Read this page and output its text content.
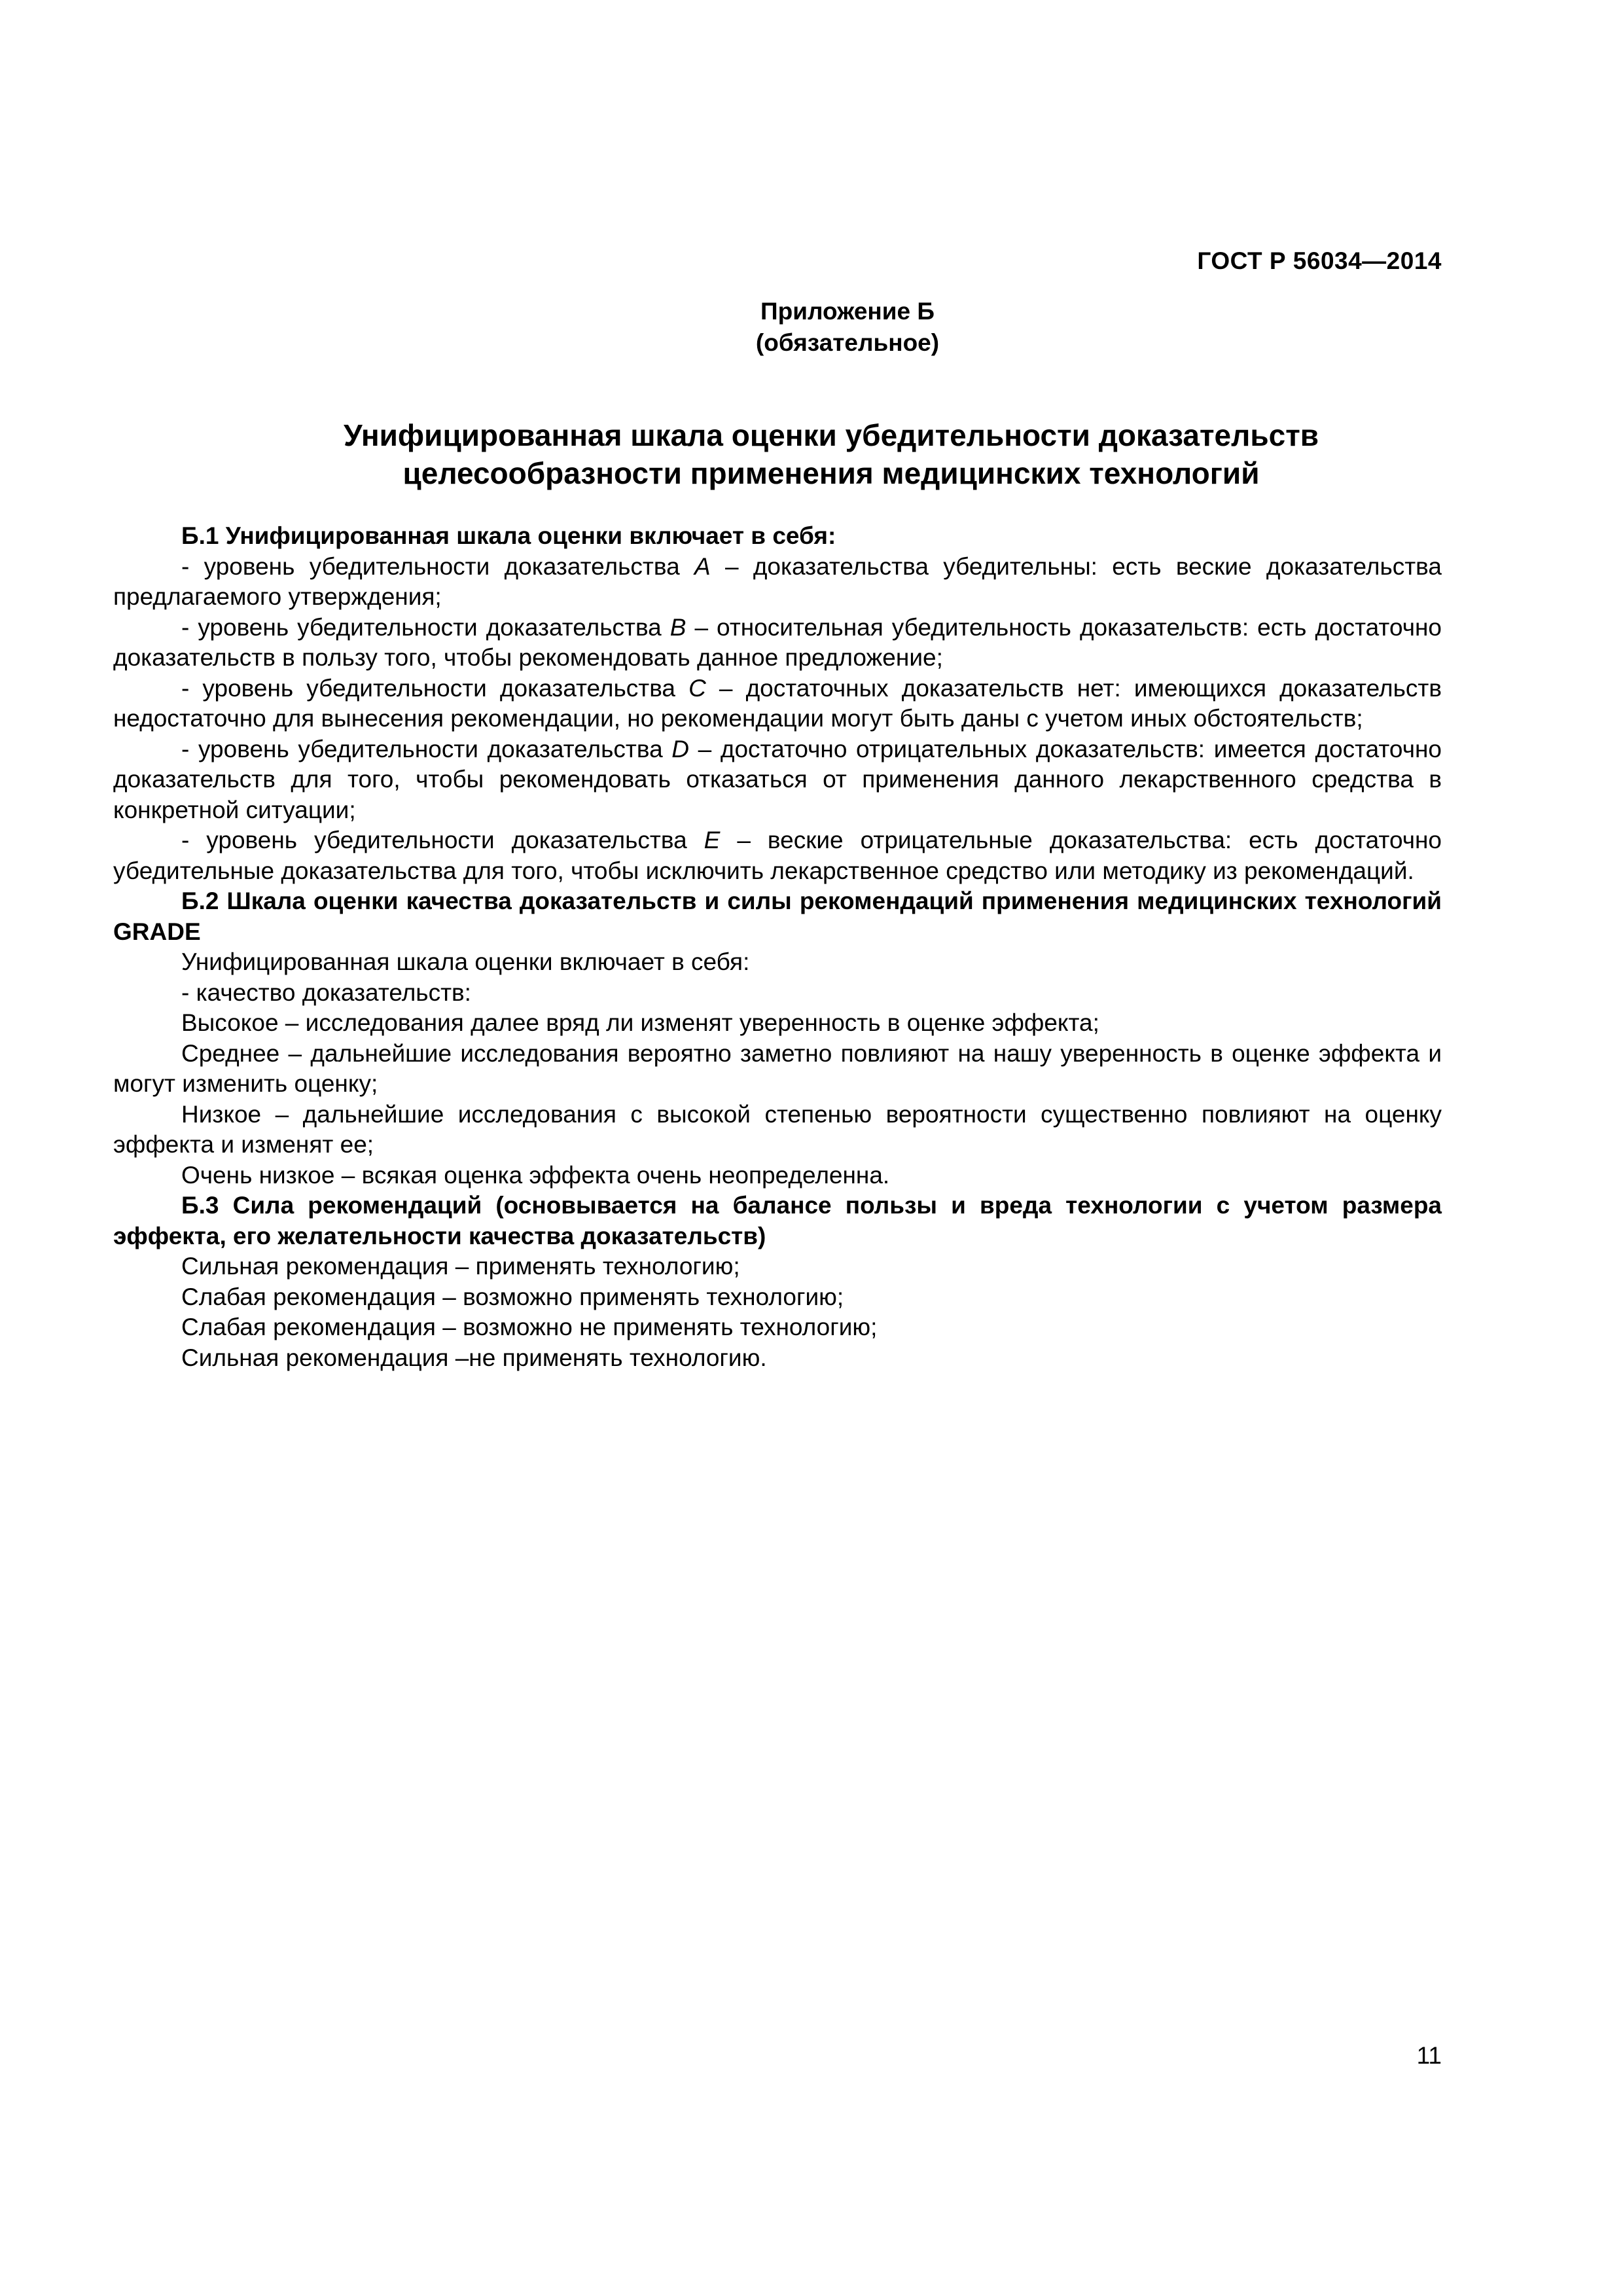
ГОСТ Р 56034—2014
Приложение Б
(обязательное)
Унифицированная шкала оценки убедительности доказательств
целесообразности применения медицинских технологий

Б.1 Унифицированная шкала оценки включает в себя:

- уровень убедительности доказательства A – доказательства убедительны: есть веские доказательства предлагаемого утверждения;

- уровень убедительности доказательства B – относительная убедительность доказательств: есть достаточно доказательств в пользу того, чтобы рекомендовать данное предложение;

- уровень убедительности доказательства C – достаточных доказательств нет: имеющихся доказательств недостаточно для вынесения рекомендации, но рекомендации могут быть даны с учетом иных обстоятельств;

- уровень убедительности доказательства D – достаточно отрицательных доказательств: имеется достаточно доказательств для того, чтобы рекомендовать отказаться от применения данного лекарственного средства в конкретной ситуации;

- уровень убедительности доказательства E – веские отрицательные доказательства: есть достаточно убедительные доказательства для того, чтобы исключить лекарственное средство или методику из рекомендаций.

Б.2 Шкала оценки качества доказательств и силы рекомендаций применения медицинских технологий GRADE

Унифицированная шкала оценки включает в себя:

- качество доказательств:

Высокое – исследования далее вряд ли изменят уверенность в оценке эффекта;

Среднее – дальнейшие исследования вероятно заметно повлияют на нашу уверенность в оценке эффекта и могут изменить оценку;

Низкое – дальнейшие исследования с высокой степенью вероятности существенно повлияют на оценку эффекта и изменят ее;

Очень низкое – всякая оценка эффекта очень неопределенна.

Б.3 Сила рекомендаций (основывается на балансе пользы и вреда технологии с учетом размера эффекта, его желательности качества доказательств)

Сильная рекомендация – применять технологию;

Слабая рекомендация – возможно применять технологию;

Слабая рекомендация – возможно не применять технологию;

Сильная рекомендация –не применять технологию.

11
